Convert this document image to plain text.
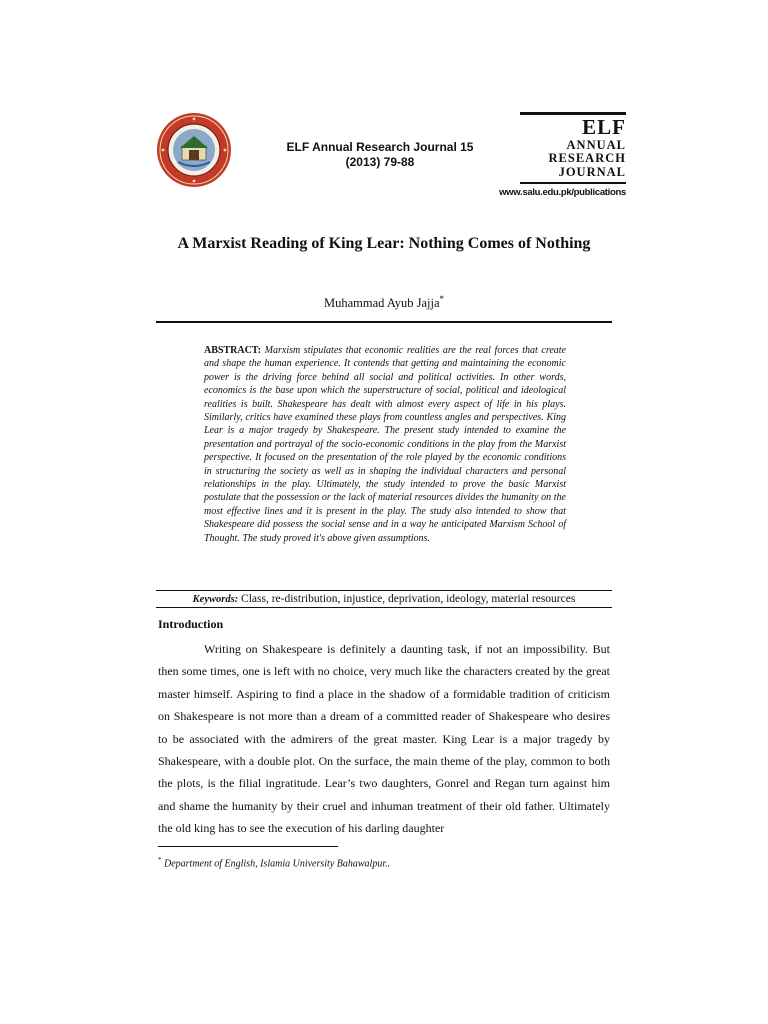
ELF Annual Research Journal 15
(2013) 79-88
ELF
ANNUAL
RESEARCH
JOURNAL
www.salu.edu.pk/publications
A Marxist Reading of King Lear: Nothing Comes of Nothing
Muhammad Ayub Jajja*
ABSTRACT: Marxism stipulates that economic realities are the real forces that create and shape the human experience. It contends that getting and maintaining the economic power is the driving force behind all social and political activities. In other words, economics is the base upon which the superstructure of social, political and ideological realities is built. Shakespeare has dealt with almost every aspect of life in his plays. Similarly, critics have examined these plays from countless angles and perspectives. King Lear is a major tragedy by Shakespeare. The present study intended to examine the presentation and portrayal of the socio-economic conditions in the play from the Marxist perspective. It focused on the presentation of the role played by the economic conditions in structuring the society as well as in shaping the individual characters and personal relationships in the play. Ultimately, the study intended to prove the basic Marxist postulate that the possession or the lack of material resources divides the humanity on the most effective lines and it is present in the play. The study also intended to show that Shakespeare did possess the social sense and in a way he anticipated Marxism School of Thought. The study proved it's above given assumptions.
Keywords: Class, re-distribution, injustice, deprivation, ideology, material resources
Introduction
Writing on Shakespeare is definitely a daunting task, if not an impossibility. But then some times, one is left with no choice, very much like the characters created by the great master himself. Aspiring to find a place in the shadow of a formidable tradition of criticism on Shakespeare is not more than a dream of a committed reader of Shakespeare who desires to be associated with the admirers of the great master. King Lear is a major tragedy by Shakespeare, with a double plot. On the surface, the main theme of the play, common to both the plots, is the filial ingratitude. Lear’s two daughters, Gonrel and Regan turn against him and shame the humanity by their cruel and inhuman treatment of their old father. Ultimately the old king has to see the execution of his darling daughter
* Department of English, Islamia University Bahawalpur..
